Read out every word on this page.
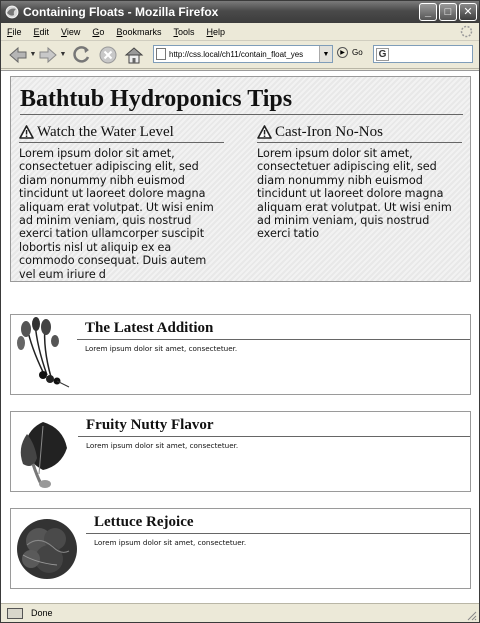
Containing Floats - Mozilla Firefox	_	□	✕
File Edit View Go Bookmarks Tools Help
▼	▼	http://css.local/ch11/contain_float_yes	▼	▶ Go G
Bathtub Hydroponics Tips
Watch the Water Level

Lorem ipsum dolor sit amet, consectetuer adipiscing elit, sed diam nonummy nibh euismod tincidunt ut laoreet dolore magna aliquam erat volutpat. Ut wisi enim ad minim veniam, quis nostrud exerci tation ullamcorper suscipit lobortis nisl ut aliquip ex ea commodo consequat. Duis autem vel eum iriure d

Cast-Iron No-Nos

Lorem ipsum dolor sit amet, consectetuer adipiscing elit, sed diam nonummy nibh euismod tincidunt ut laoreet dolore magna aliquam erat volutpat. Ut wisi enim ad minim veniam, quis nostrud exerci tatio

The Latest Addition

Lorem ipsum dolor sit amet, consectetuer.

Fruity Nutty Flavor

Lorem ipsum dolor sit amet, consectetuer.

Lettuce Rejoice

Lorem ipsum dolor sit amet, consectetuer.

Done
